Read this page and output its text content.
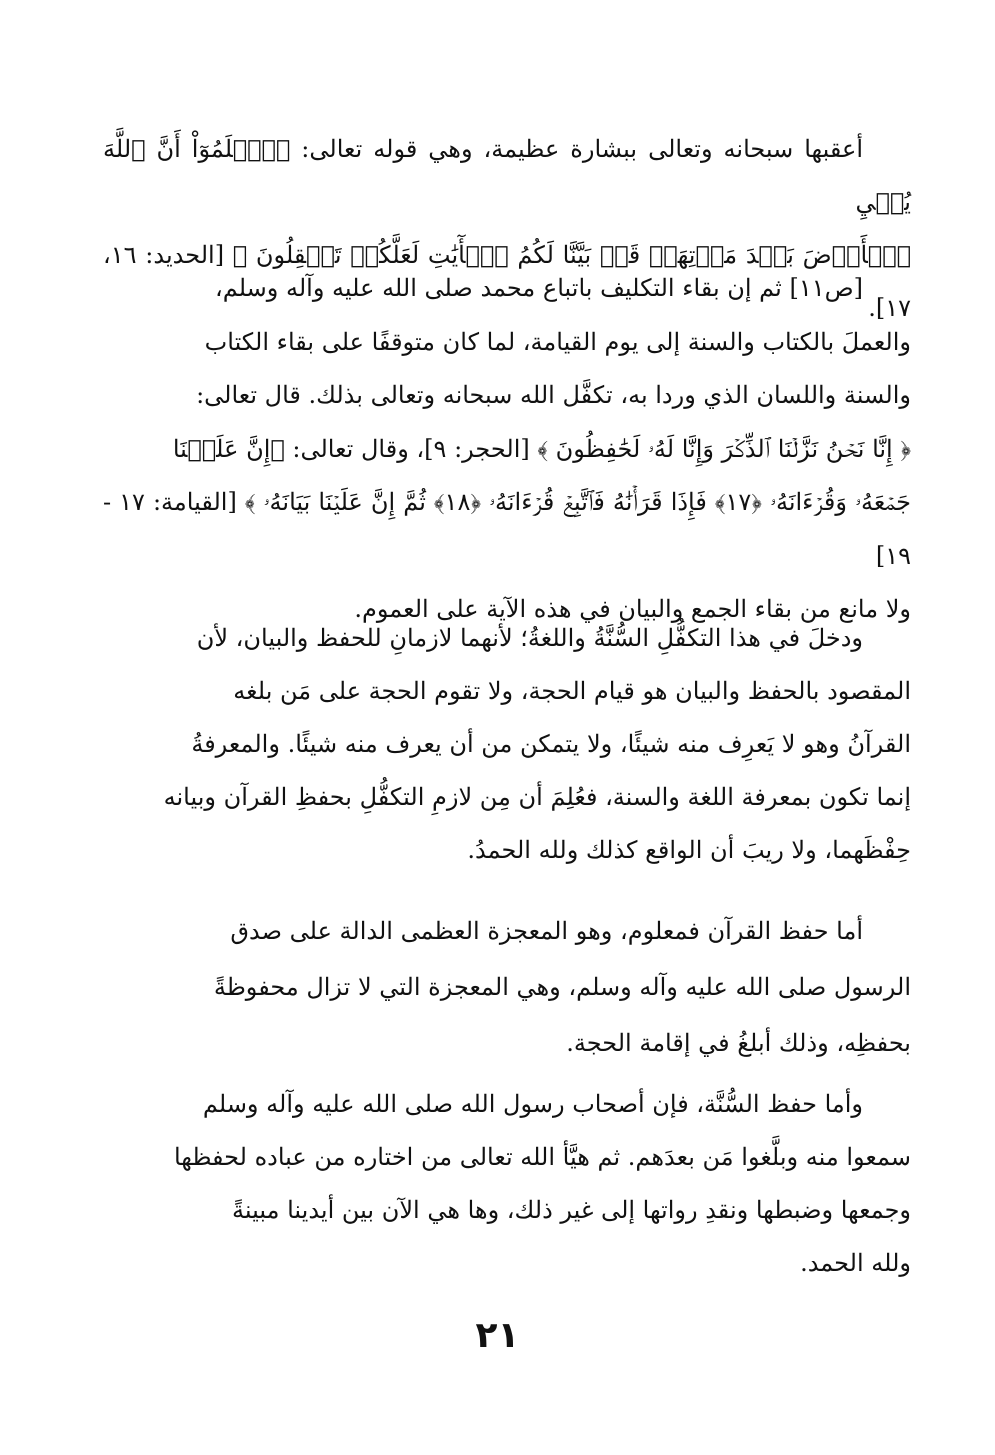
أعقبها سبحانه وتعالى ببشارة عظيمة، وهي قوله تعالى: ﴿ٱعۡلَمُوٓاْ أَنَّ ٱللَّهَ يُحۡيِ
ٱلۡأَرۡضَ بَعۡدَ مَوۡتِهَاۚ قَدۡ بَيَّنَّا لَكُمُ ٱلۡأٓيَٰتِ لَعَلَّكُمۡ تَعۡقِلُونَ ﴾ [الحديد: ١٦، ١٧].

[ص١١] ثم إن بقاء التكليف باتباع محمد صلى الله عليه وآله وسلم،
والعملَ بالكتاب والسنة إلى يوم القيامة، لما كان متوقفًا على بقاء الكتاب
والسنة واللسان الذي وردا به، تكفَّل الله سبحانه وتعالى بذلك. قال تعالى:
﴿ إِنَّا نَحۡنُ نَزَّلۡنَا ٱلذِّكۡرَ وَإِنَّا لَهُۥ لَحَٰفِظُونَ ﴾ [الحجر: ٩]، وقال تعالى: ﴿إِنَّ عَلَيۡنَا
جَمۡعَهُۥ وَقُرۡءَانَهُۥ ﴿١٧﴾ فَإِذَا قَرَأۡنَٰهُ فَٱتَّبِعۡ قُرۡءَانَهُۥ ﴿١٨﴾ ثُمَّ إِنَّ عَلَيۡنَا بَيَانَهُۥ ﴾ [القيامة: ١٧ - ١٩]
ولا مانع من بقاء الجمع والبيان في هذه الآية على العموم.

ودخلَ في هذا التكفُّلِ السُّنَّةُ واللغةُ؛ لأنهما لازمانِ للحفظ والبيان، لأن
المقصود بالحفظ والبيان هو قيام الحجة، ولا تقوم الحجة على مَن بلغه
القرآنُ وهو لا يَعرِف منه شيئًا، ولا يتمكن من أن يعرف منه شيئًا. والمعرفةُ
إنما تكون بمعرفة اللغة والسنة، فعُلِمَ أن مِن لازمِ التكفُّلِ بحفظِ القرآن وبيانه
حِفْظَهما، ولا ريبَ أن الواقع كذلك ولله الحمدُ.

أما حفظ القرآن فمعلوم، وهو المعجزة العظمى الدالة على صدق
الرسول صلى الله عليه وآله وسلم، وهي المعجزة التي لا تزال محفوظةً
بحفظِه، وذلك أبلغُ في إقامة الحجة.

وأما حفظ السُّنَّة، فإن أصحاب رسول الله صلى الله عليه وآله وسلم
سمعوا منه وبلَّغوا مَن بعدَهم. ثم هيَّأ الله تعالى من اختاره من عباده لحفظها
وجمعها وضبطها ونقدِ رواتها إلى غير ذلك، وها هي الآن بين أيدينا مبينةً
ولله الحمد.

٢١
